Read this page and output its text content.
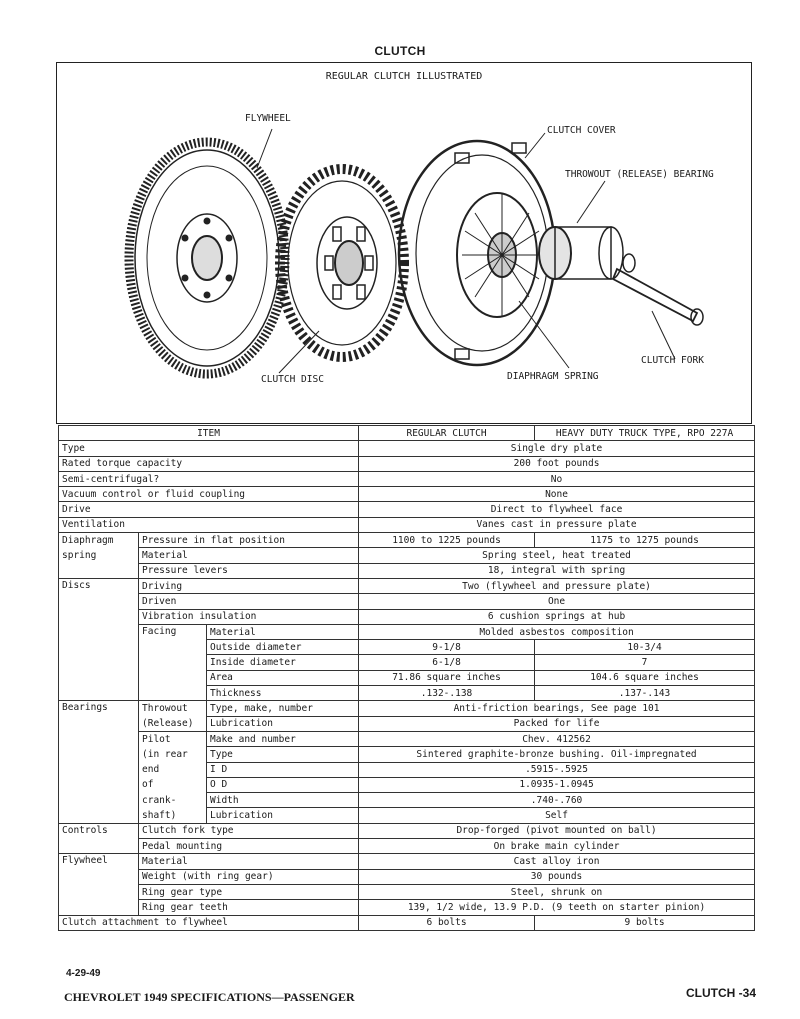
CLUTCH
REGULAR CLUTCH ILLUSTRATED
FLYWHEEL
CLUTCH COVER
THROWOUT (RELEASE) BEARING
CLUTCH FORK
CLUTCH DISC	DIAPHRAGM SPRING
ITEM			REGULAR CLUTCH	HEAVY DUTY TRUCK TYPE, RPO 227A
Type			Single dry plate	
Rated torque capacity			200 foot pounds	
Semi-centrifugal?			No	
Vacuum control or fluid coupling			None	
Drive			Direct to flywheel face	
Ventilation			Vanes cast in pressure plate	
Diaphragm	Pressure in flat position		1100 to 1225 pounds	1175 to 1275 pounds
spring	Material		Spring steel, heat treated	
	Pressure levers		18, integral with spring	
Discs	Driving		Two (flywheel and pressure plate)	
	Driven		One	
	Vibration insulation		6 cushion springs at hub	
	Facing	Material	Molded asbestos composition	
		Outside diameter	9-1/8	10-3/4
		Inside diameter	6-1/8	7
		Area	71.86 square inches	104.6 square inches
		Thickness	.132-.138	.137-.143
Bearings	Throwout	Type, make, number	Anti-friction bearings, See page 101	
	(Release)	Lubrication	Packed for life	
	Pilot	Make and number	Chev. 412562	
	(in rear	Type	Sintered graphite-bronze bushing. Oil-impregnated	
	end	I D	.5915-.5925	
	of	O D	1.0935-1.0945	
	crank-	Width	.740-.760	
	shaft)	Lubrication	Self	
Controls	Clutch fork type		Drop-forged (pivot mounted on ball)	
	Pedal mounting		On brake main cylinder	
Flywheel	Material		Cast alloy iron	
	Weight (with ring gear)		30 pounds	
	Ring gear type		Steel, shrunk on	
	Ring gear teeth		139, 1/2 wide, 13.9 P.D. (9 teeth on starter pinion)	
Clutch attachment to flywheel			6 bolts	9 bolts
4-29-49
CHEVROLET 1949 SPECIFICATIONS—PASSENGER	CLUTCH -34
